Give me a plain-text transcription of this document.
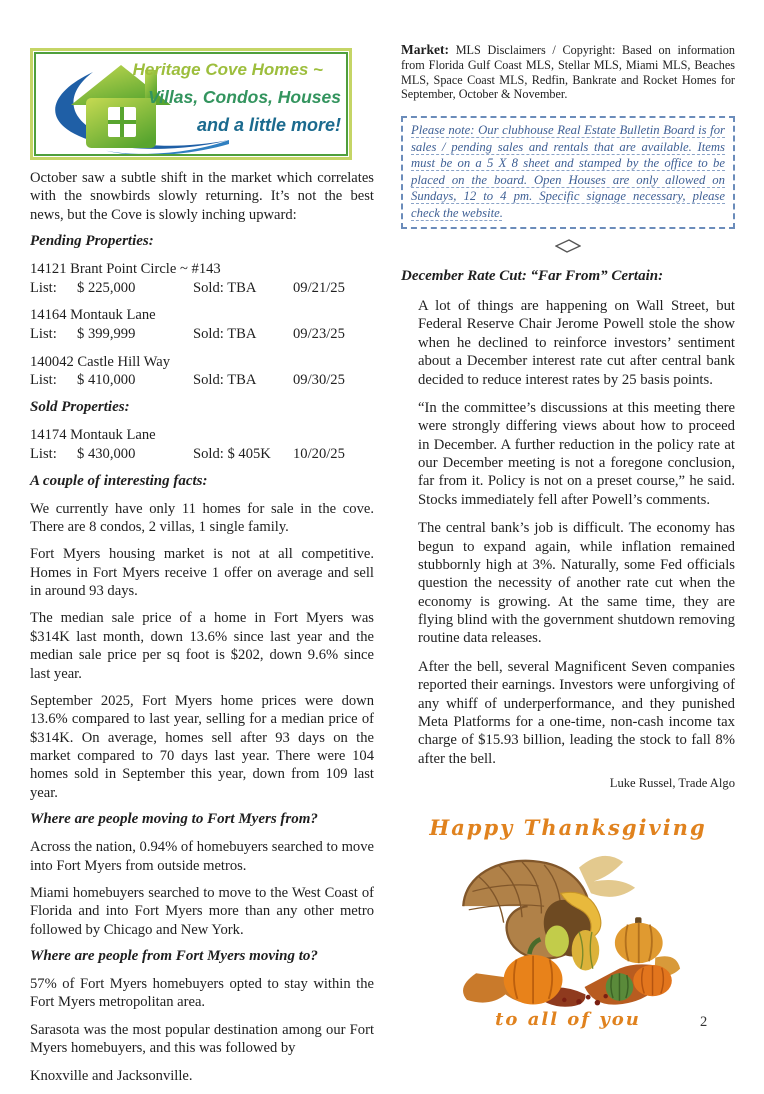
Heritage Cove Homes ~
Villas, Condos, Houses
and a little more!

October saw a subtle shift in the market which correlates with the snowbirds slowly returning. It’s not the best news, but the Cove is slowly inching upward:

Pending Properties:
14121 Brant Point Circle ~ #143
List:	$ 225,000	Sold: TBA	09/21/25
14164 Montauk Lane
List:	$ 399,999	Sold: TBA	09/23/25
140042 Castle Hill Way
List:	$ 410,000	Sold: TBA	09/30/25
Sold Properties:
14174 Montauk Lane
List:	$ 430,000	Sold: $ 405K	10/20/25
A couple of interesting facts:

We currently have only 11 homes for sale in the cove. There are 8 condos, 2 villas, 1 single family.

Fort Myers housing market is not at all competitive. Homes in Fort Myers receive 1 offer on average and sell in around 93 days.

The median sale price of a home in Fort Myers was $314K last month, down 13.6% since last year and the median sale price per sq foot is $202, down 9.6% since last year.

September 2025, Fort Myers home prices were down 13.6% compared to last year, selling for a median price of $314K. On average, homes sell after 93 days on the market compared to 70 days last year. There were 104 homes sold in September this year, down from 109 last year.

Where are people moving to Fort Myers from?

Across the nation, 0.94% of homebuyers searched to move into Fort Myers from outside metros.

Miami homebuyers searched to move to the West Coast of Florida and into Fort Myers more than any other metro followed by Chicago and New York.

Where are people from Fort Myers moving to?

57% of Fort Myers homebuyers opted to stay within the Fort Myers metropolitan area.

Sarasota was the most popular destination among our Fort Myers homebuyers, and this was followed by

Knoxville and Jacksonville.

Market: MLS Disclaimers / Copyright: Based on information from Florida Gulf Coast MLS, Stellar MLS, Miami MLS, Beaches MLS, Space Coast MLS, Redfin, Bankrate and Rocket Homes for September, October & November.

Please note: Our clubhouse Real Estate Bulletin Board is for sales / pending sales and rentals that are available. Items must be on a 5 X 8 sheet and stamped by the office to be placed on the board. Open Houses are only allowed on Sundays, 12 to 4 pm. Specific signage necessary, please check the website.
December Rate Cut: “Far From” Certain:

A lot of things are happening on Wall Street, but Federal Reserve Chair Jerome Powell stole the show when he declined to reinforce investors’ sentiment about a December interest rate cut after central bank decided to reduce interest rates by 25 basis points.

“In the committee’s discussions at this meeting there were strongly differing views about how to proceed in December. A further reduction in the policy rate at our December meeting is not a foregone conclusion, far from it. Policy is not on a preset course,” he said. Stocks immediately fell after Powell’s comments.

The central bank’s job is difficult. The economy has begun to expand again, while inflation remained stubbornly high at 3%. Naturally, some Fed officials question the necessity of another rate cut when the economy is growing. At the same time, they are flying blind with the government shutdown removing routine data releases.

After the bell, several Magnificent Seven companies reported their earnings. Investors were unforgiving of any whiff of underperformance, and they punished Meta Platforms for a one-time, non-cash income tax charge of $15.93 billion, leading the stock to fall 8% after the bell.

Luke Russel, Trade Algo
Happy Thanksgiving
to all of you	2
